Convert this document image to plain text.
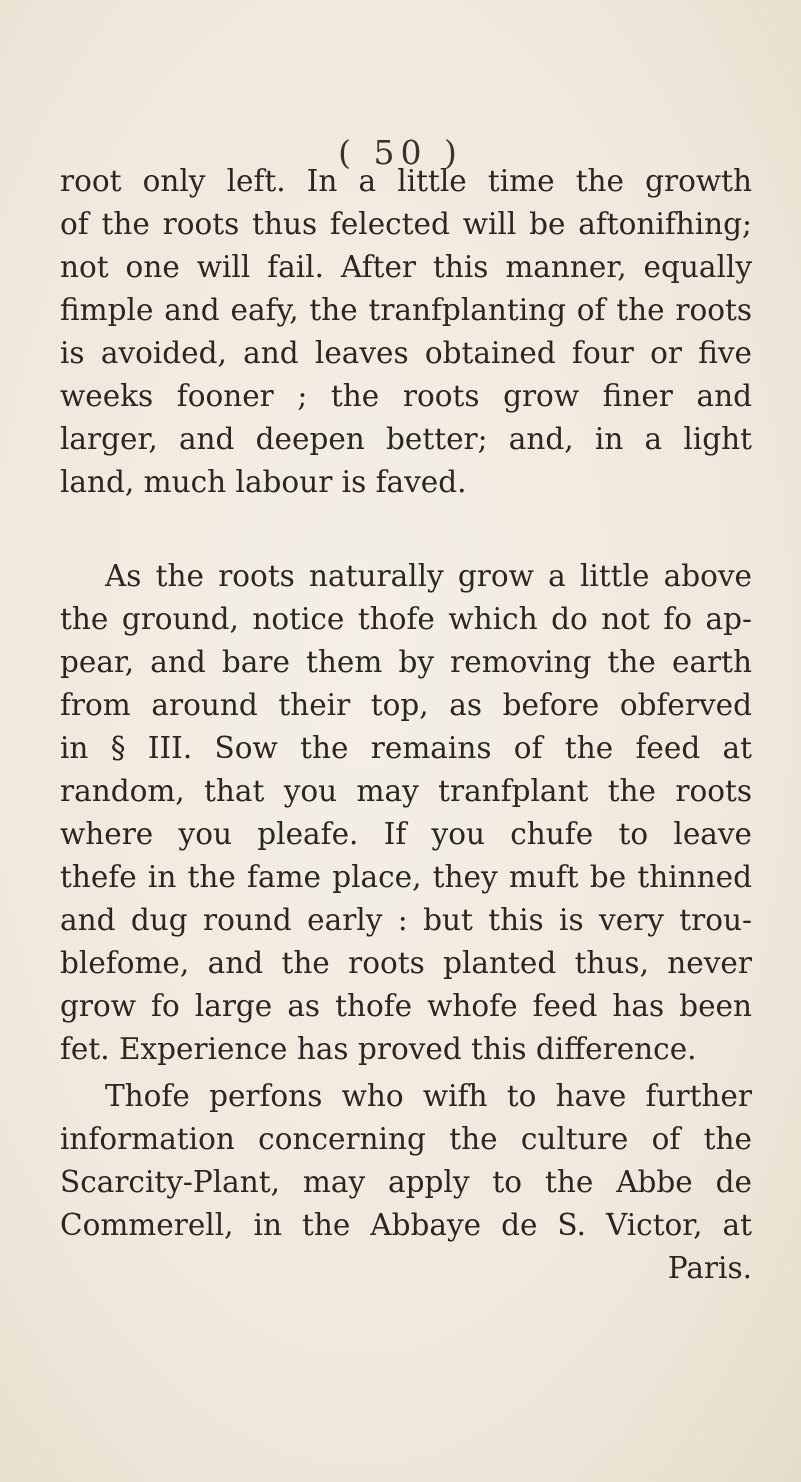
( 50 )
root only left. In a little time the growth
of the roots thus felected will be aftonifhing;
not one will fail. After this manner, equally
fimple and eafy, the tranfplanting of the roots
is avoided, and leaves obtained four or five
weeks fooner ; the roots grow finer and
larger, and deepen better; and, in a light
land, much labour is faved.
As the roots naturally grow a little above
the ground, notice thofe which do not fo ap-
pear, and bare them by removing the earth
from around their top, as before obferved
in § III. Sow the remains of the feed at
random, that you may tranfplant the roots
where you pleafe. If you chufe to leave
thefe in the fame place, they muft be thinned
and dug round early : but this is very trou-
blefome, and the roots planted thus, never
grow fo large as thofe whofe feed has been
fet. Experience has proved this difference.
Thofe perfons who wifh to have further
information concerning the culture of the
Scarcity-Plant, may apply to the Abbe de
Commerell, in the Abbaye de S. Victor, at
Paris.
